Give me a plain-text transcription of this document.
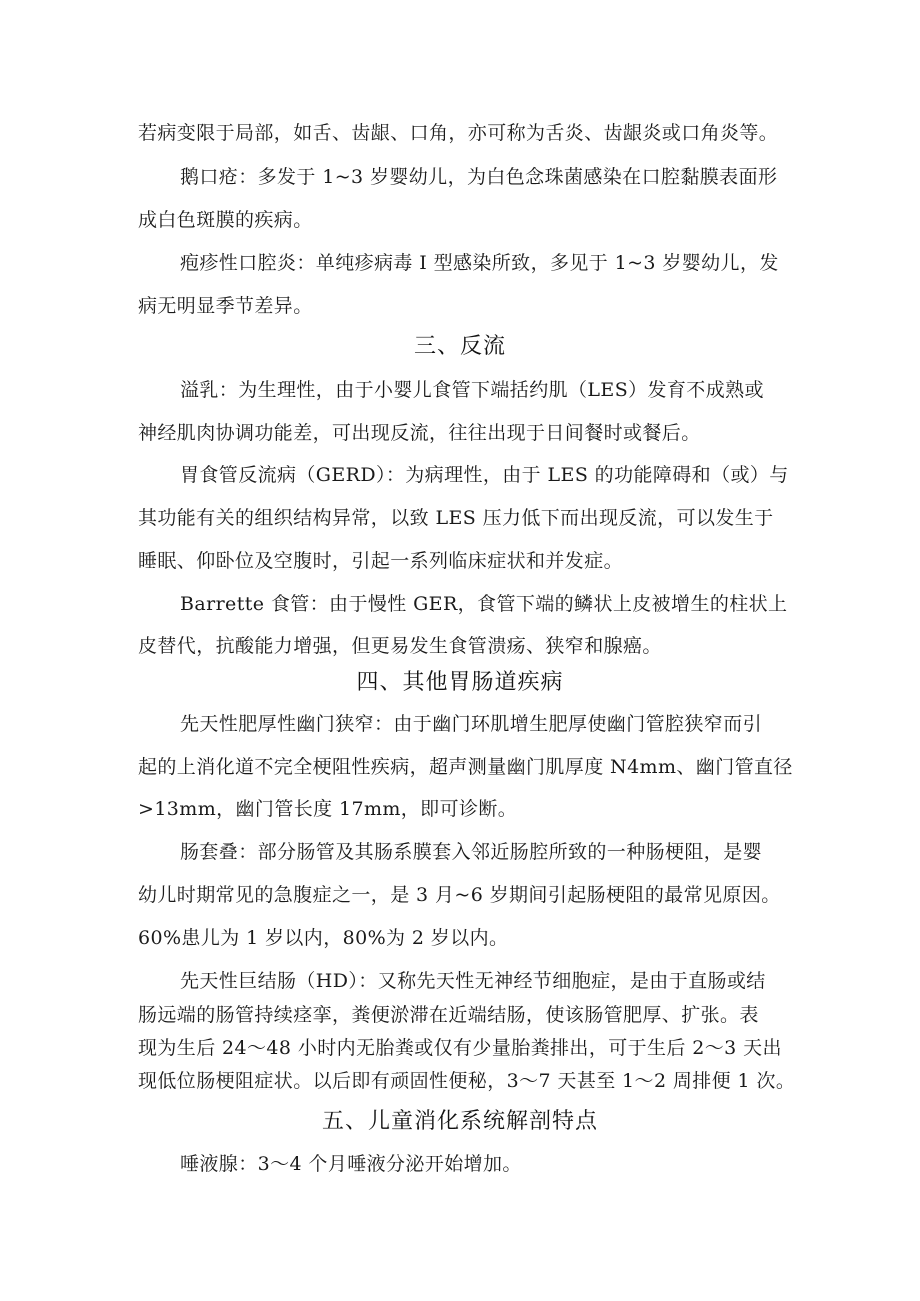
若病变限于局部，如舌、齿龈、口角，亦可称为舌炎、齿龈炎或口角炎等。
鹅口疮：多发于 1~3 岁婴幼儿，为白色念珠菌感染在口腔黏膜表面形
成白色斑膜的疾病。
疱疹性口腔炎：单纯疹病毒 I 型感染所致，多见于 1~3 岁婴幼儿，发
病无明显季节差异。
三、反流
溢乳：为生理性，由于小婴儿食管下端括约肌（LES）发育不成熟或
神经肌肉协调功能差，可出现反流，往往出现于日间餐时或餐后。
胃食管反流病（GERD）：为病理性，由于 LES 的功能障碍和（或）与
其功能有关的组织结构异常，以致 LES 压力低下而出现反流，可以发生于
睡眠、仰卧位及空腹时，引起一系列临床症状和并发症。
Barrette 食管：由于慢性 GER，食管下端的鳞状上皮被增生的柱状上
皮替代，抗酸能力增强，但更易发生食管溃疡、狭窄和腺癌。
四、其他胃肠道疾病
先天性肥厚性幽门狭窄：由于幽门环肌增生肥厚使幽门管腔狭窄而引
起的上消化道不完全梗阻性疾病，超声测量幽门肌厚度 N4mm、幽门管直径
>13mm，幽门管长度 17mm，即可诊断。
肠套叠：部分肠管及其肠系膜套入邻近肠腔所致的一种肠梗阻，是婴
幼儿时期常见的急腹症之一，是 3 月~6 岁期间引起肠梗阻的最常见原因。
60%患儿为 1 岁以内，80%为 2 岁以内。
先天性巨结肠（HD）：又称先天性无神经节细胞症，是由于直肠或结
肠远端的肠管持续痉挛，粪便淤滞在近端结肠，使该肠管肥厚、扩张。表
现为生后 24～48 小时内无胎粪或仅有少量胎粪排出，可于生后 2～3 天出
现低位肠梗阻症状。以后即有顽固性便秘，3～7 天甚至 1～2 周排便 1 次。
五、儿童消化系统解剖特点
唾液腺：3～4 个月唾液分泌开始增加。
